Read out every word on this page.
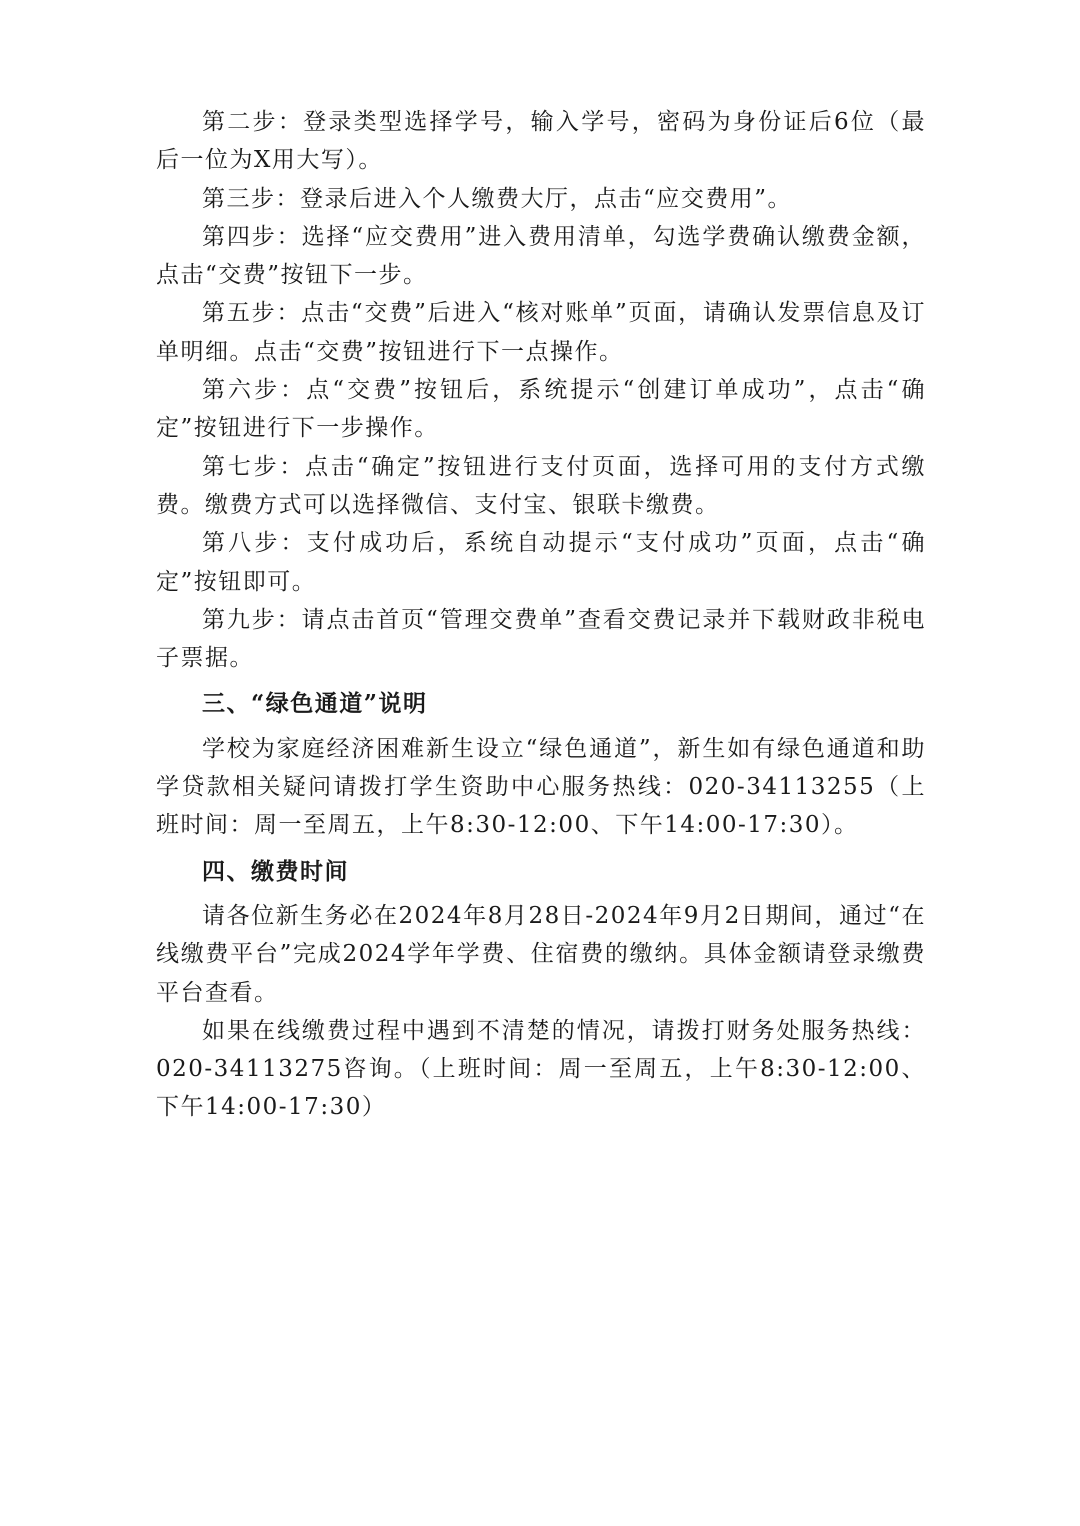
第二步：登录类型选择学号，输入学号，密码为身份证后6位（最后一位为X用大写）。

第三步：登录后进入个人缴费大厅，点击“应交费用”。

第四步：选择“应交费用”进入费用清单，勾选学费确认缴费金额，点击“交费”按钮下一步。

第五步：点击“交费”后进入“核对账单”页面，请确认发票信息及订单明细。点击“交费”按钮进行下一点操作。

第六步：点“交费”按钮后，系统提示“创建订单成功”，点击“确定”按钮进行下一步操作。

第七步：点击“确定”按钮进行支付页面，选择可用的支付方式缴费。缴费方式可以选择微信、支付宝、银联卡缴费。

第八步：支付成功后，系统自动提示“支付成功”页面，点击“确定”按钮即可。

第九步：请点击首页“管理交费单”查看交费记录并下载财政非税电子票据。

三、“绿色通道”说明

学校为家庭经济困难新生设立“绿色通道”，新生如有绿色通道和助学贷款相关疑问请拨打学生资助中心服务热线：020-34113255（上班时间：周一至周五，上午8:30-12:00、下午14:00-17:30）。

四、缴费时间

请各位新生务必在2024年8月28日-2024年9月2日期间，通过“在线缴费平台”完成2024学年学费、住宿费的缴纳。具体金额请登录缴费平台查看。

如果在线缴费过程中遇到不清楚的情况，请拨打财务处服务热线：020-34113275咨询。（上班时间：周一至周五，上午8:30-12:00、下午14:00-17:30）
